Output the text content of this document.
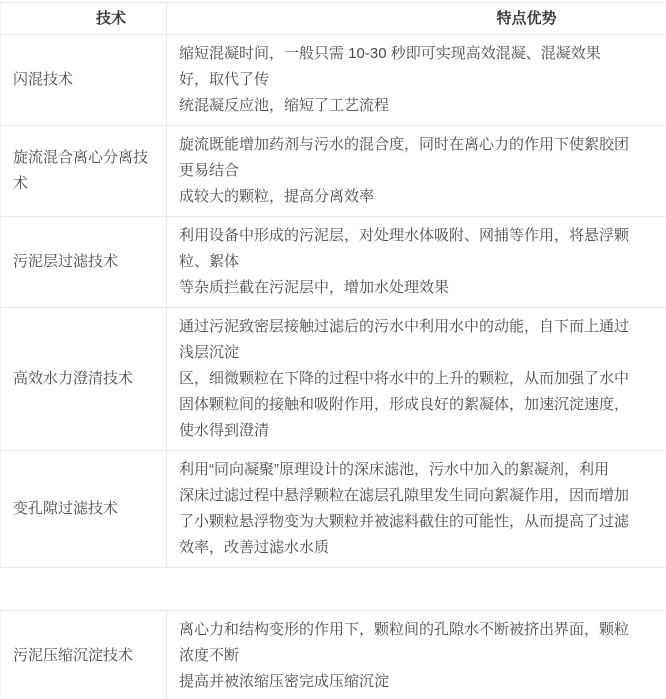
技术	特点优势
闪混技术
缩短混凝时间，一般只需 10-30 秒即可实现高效混凝、混凝效果
好，取代了传
统混凝反应池，缩短了工艺流程
旋流混合离心分离技术
旋流既能增加药剂与污水的混合度，同时在离心力的作用下使絮胶团
更易结合
成较大的颗粒，提高分离效率
污泥层过滤技术
利用设备中形成的污泥层，对处理水体吸附、网捕等作用，将悬浮颗
粒、絮体
等杂质拦截在污泥层中，增加水处理效果
高效水力澄清技术
通过污泥致密层接触过滤后的污水中利用水中的动能，自下而上通过
浅层沉淀
区，细微颗粒在下降的过程中将水中的上升的颗粒，从而加强了水中
固体颗粒间的接触和吸附作用，形成良好的絮凝体，加速沉淀速度，
使水得到澄清
变孔隙过滤技术
利用“同向凝聚”原理设计的深床滤池，污水中加入的絮凝剂，利用
深床过滤过程中悬浮颗粒在滤层孔隙里发生同向絮凝作用，因而增加
了小颗粒悬浮物变为大颗粒并被滤料截住的可能性，从而提高了过滤
效率，改善过滤水水质
污泥压缩沉淀技术
离心力和结构变形的作用下，颗粒间的孔隙水不断被挤出界面，颗粒
浓度不断
提高并被浓缩压密完成压缩沉淀
